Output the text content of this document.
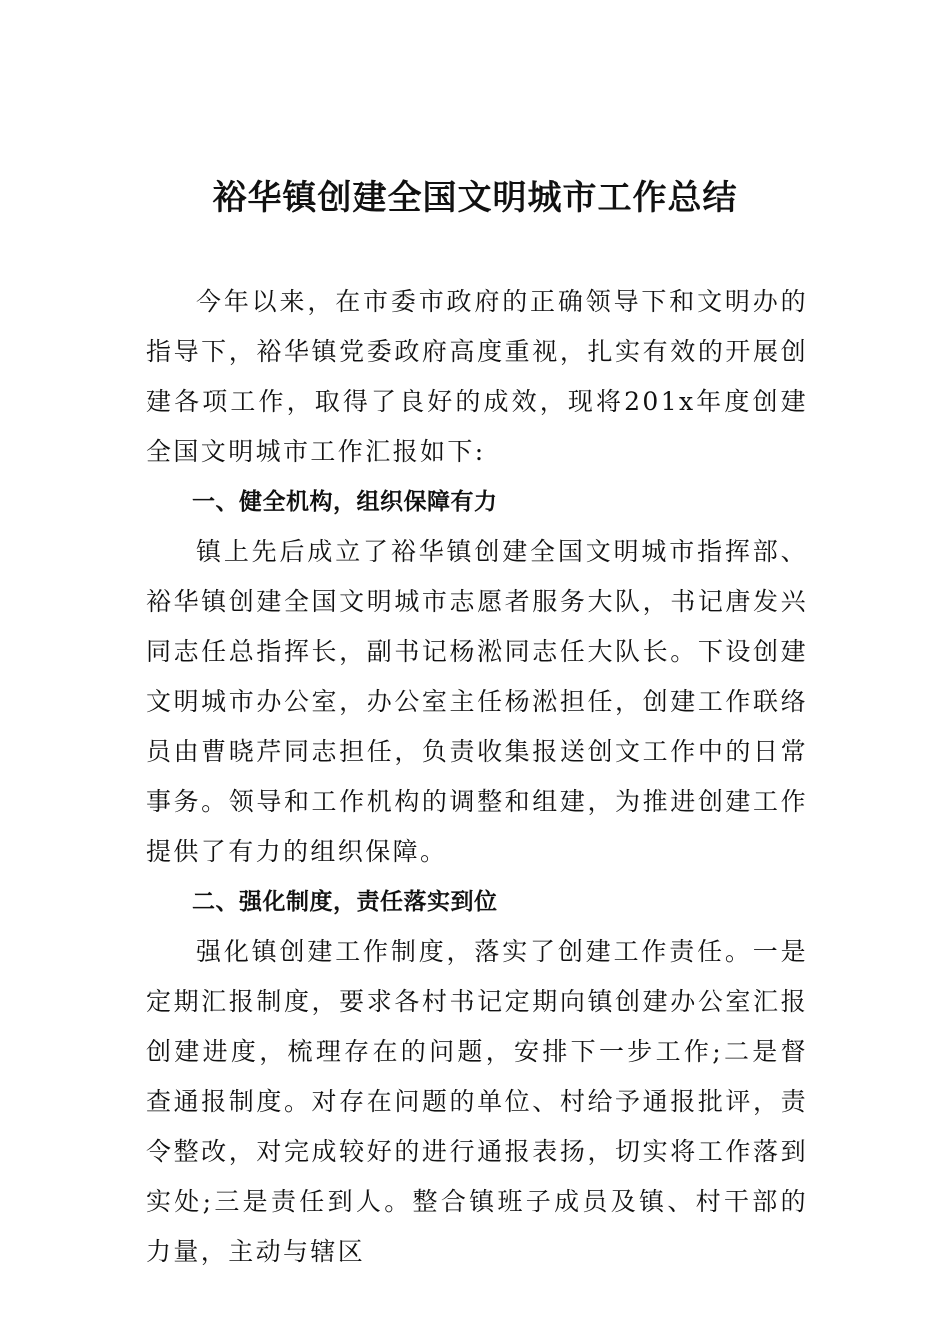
裕华镇创建全国文明城市工作总结

今年以来，在市委市政府的正确领导下和文明办的指导下，裕华镇党委政府高度重视，扎实有效的开展创建各项工作，取得了良好的成效，现将201x年度创建全国文明城市工作汇报如下:

一、健全机构，组织保障有力

镇上先后成立了裕华镇创建全国文明城市指挥部、裕华镇创建全国文明城市志愿者服务大队，书记唐发兴同志任总指挥长，副书记杨淞同志任大队长。下设创建文明城市办公室，办公室主任杨淞担任，创建工作联络员由曹晓芹同志担任，负责收集报送创文工作中的日常事务。领导和工作机构的调整和组建，为推进创建工作提供了有力的组织保障。

二、强化制度，责任落实到位

强化镇创建工作制度，落实了创建工作责任。一是定期汇报制度，要求各村书记定期向镇创建办公室汇报创建进度，梳理存在的问题，安排下一步工作;二是督查通报制度。对存在问题的单位、村给予通报批评，责令整改，对完成较好的进行通报表扬，切实将工作落到实处;三是责任到人。整合镇班子成员及镇、村干部的力量，主动与辖区
